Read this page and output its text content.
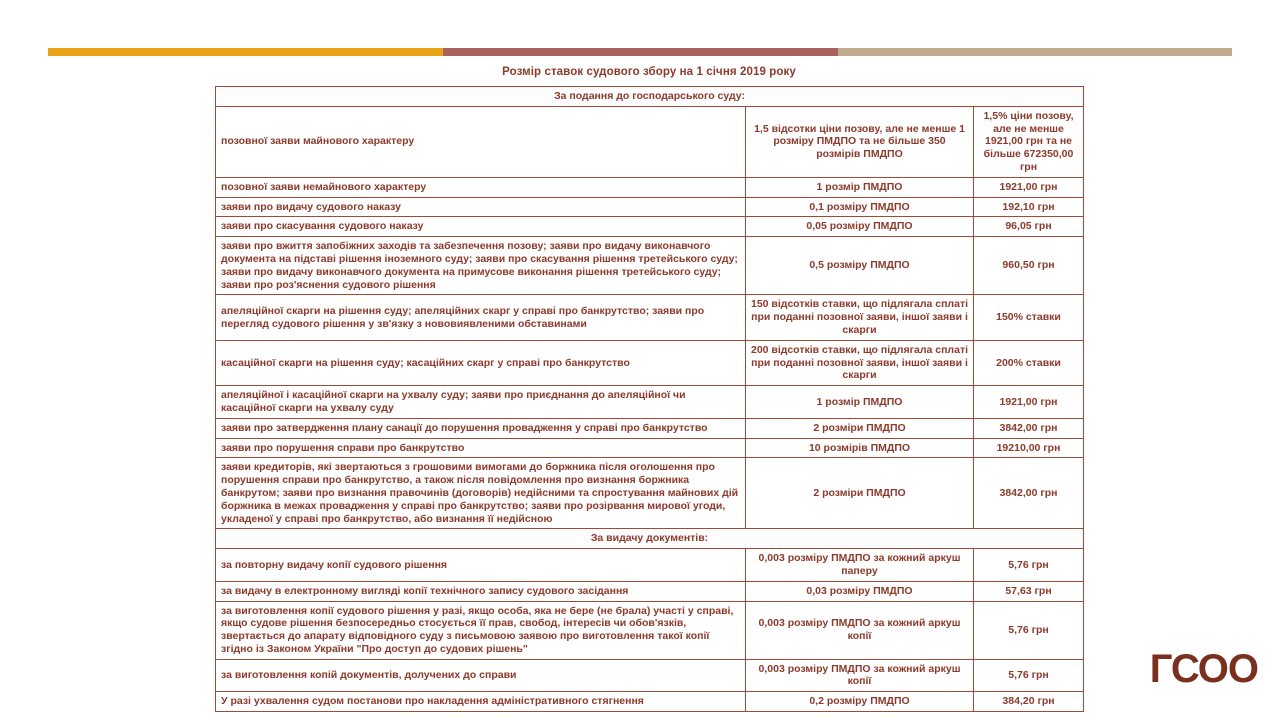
Розмір ставок судового збору на 1 січня 2019 року
За подання до господарського суду:		
позовної заяви майнового характеру	1,5 відсотки ціни позову, але не менше 1 розміру ПМДПО та не більше 350 розмірів ПМДПО	1,5% ціни позову, але не менше 1921,00 грн та не більше 672350,00 грн
позовної заяви немайнового характеру	1 розмір ПМДПО	1921,00 грн
заяви про видачу судового наказу	0,1 розміру ПМДПО	192,10 грн
заяви про скасування судового наказу	0,05 розміру ПМДПО	96,05 грн
заяви про вжиття запобіжних заходів та забезпечення позову; заяви про видачу виконавчого документа на підставі рішення іноземного суду; заяви про скасування рішення третейського суду; заяви про видачу виконавчого документа на примусове виконання рішення третейського суду; заяви про роз'яснення судового рішення	0,5 розміру ПМДПО	960,50 грн
апеляційної скарги на рішення суду; апеляційних скарг у справі про банкрутство; заяви про перегляд судового рішення у зв'язку з нововиявленими обставинами	150 відсотків ставки, що підлягала сплаті при поданні позовної заяви, іншої заяви і скарги	150% ставки
касаційної скарги на рішення суду; касаційних скарг у справі про банкрутство	200 відсотків ставки, що підлягала сплаті при поданні позовної заяви, іншої заяви і скарги	200% ставки
апеляційної і касаційної скарги на ухвалу суду; заяви про приєднання до апеляційної чи касаційної скарги на ухвалу суду	1 розмір ПМДПО	1921,00 грн
заяви про затвердження плану санації до порушення провадження у справі про банкрутство	2 розміри ПМДПО	3842,00 грн
заяви про порушення справи про банкрутство	10 розмірів ПМДПО	19210,00 грн
заяви кредиторів, які звертаються з грошовими вимогами до боржника після оголошення про порушення справи про банкрутство, а також після повідомлення про визнання боржника банкрутом; заяви про визнання правочинів (договорів) недійсними та спростування майнових дій боржника в межах провадження у справі про банкрутство; заяви про розірвання мирової угоди, укладеної у справі про банкрутство, або визнання її недійсною	2 розміри ПМДПО	3842,00 грн
За видачу документів:		
за повторну видачу копії судового рішення	0,003 розміру ПМДПО за кожний аркуш паперу	5,76 грн
за видачу в електронному вигляді копії технічного запису судового засідання	0,03 розміру ПМДПО	57,63 грн
за виготовлення копії судового рішення у разі, якщо особа, яка не бере (не брала) участі у справі, якщо судове рішення безпосередньо стосується її прав, свобод, інтересів чи обов'язків, звертається до апарату відповідного суду з письмовою заявою про виготовлення такої копії згідно із Законом України "Про доступ до судових рішень"	0,003 розміру ПМДПО за кожний аркуш копії	5,76 грн
за виготовлення копій документів, долучених до справи	0,003 розміру ПМДПО за кожний аркуш копії	5,76 грн
У разі ухвалення судом постанови про накладення адміністративного стягнення	0,2 розміру ПМДПО	384,20 грн
ГСОО
